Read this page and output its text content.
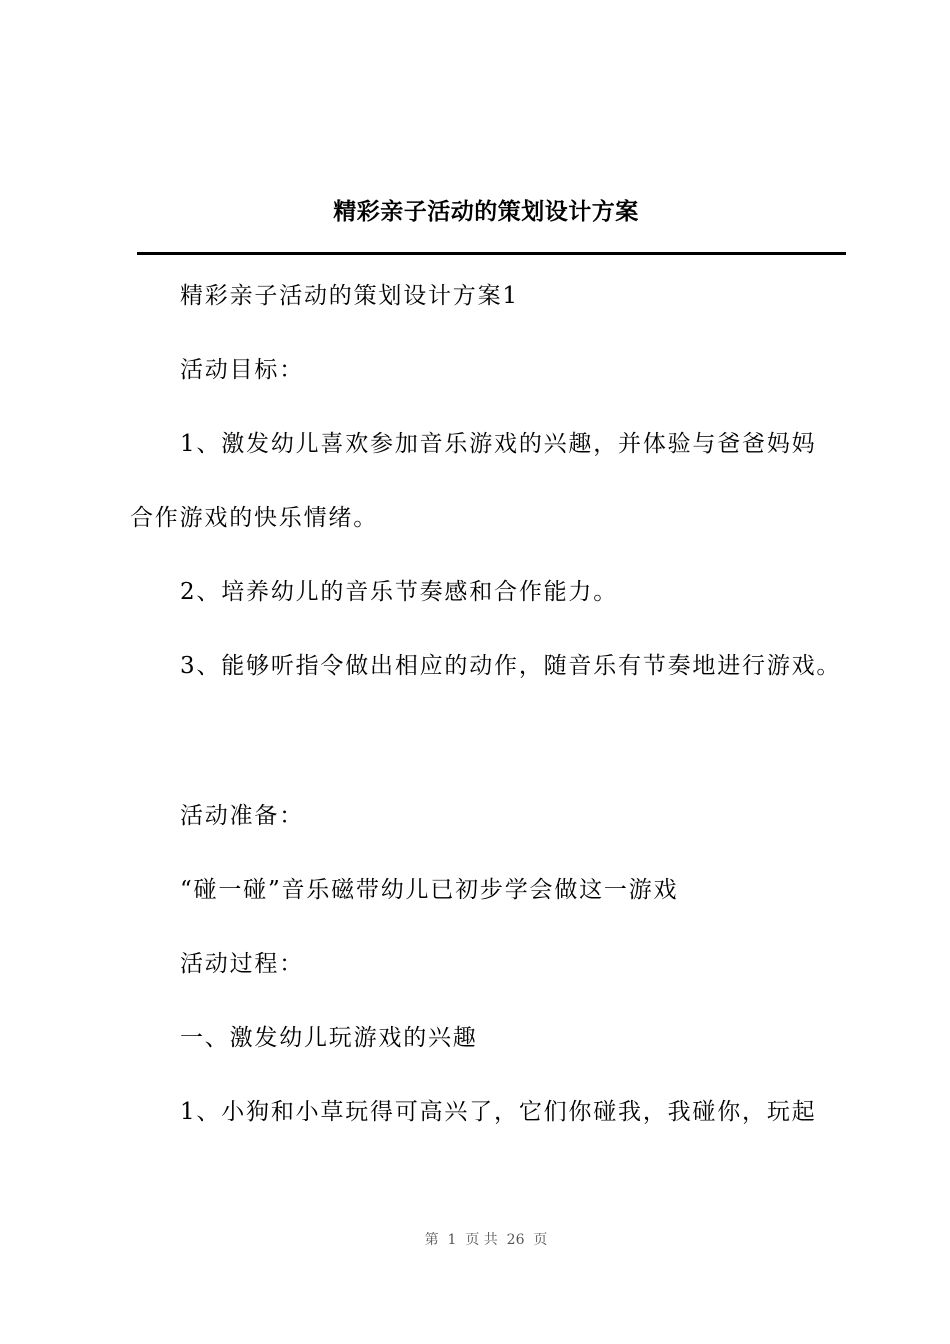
精彩亲子活动的策划设计方案
精彩亲子活动的策划设计方案1
活动目标：
1、激发幼儿喜欢参加音乐游戏的兴趣，并体验与爸爸妈妈
合作游戏的快乐情绪。
2、培养幼儿的音乐节奏感和合作能力。
3、能够听指令做出相应的动作，随音乐有节奏地进行游戏。
活动准备：
“碰一碰”音乐磁带幼儿已初步学会做这一游戏
活动过程：
一、激发幼儿玩游戏的兴趣
1、小狗和小草玩得可高兴了，它们你碰我，我碰你，玩起
第  1  页 共  26  页
